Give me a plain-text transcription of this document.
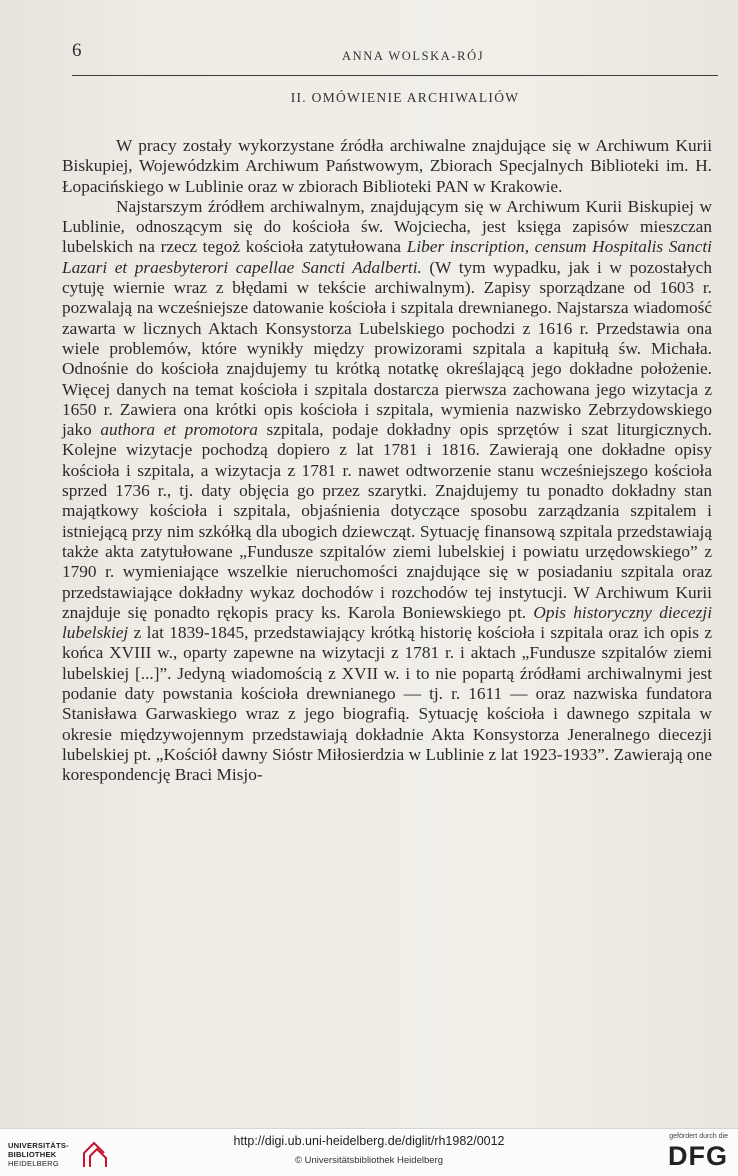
6	ANNA WOLSKA-RÓJ
II. OMÓWIENIE ARCHIWALIÓW

W pracy zostały wykorzystane źródła archiwalne znajdujące się w Archiwum Kurii Biskupiej, Wojewódzkim Archiwum Państwowym, Zbiorach Specjalnych Biblioteki im. H. Łopacińskiego w Lublinie oraz w zbiorach Biblioteki PAN w Krakowie.

Najstarszym źródłem archiwalnym, znajdującym się w Archiwum Kurii Biskupiej w Lublinie, odnoszącym się do kościoła św. Wojciecha, jest księga zapisów mieszczan lubelskich na rzecz tegoż kościoła zatytułowana Liber inscription, censum Hospitalis Sancti Lazari et praesbyterori capellae Sancti Adalberti. (W tym wypadku, jak i w pozostałych cytuję wiernie wraz z błędami w tekście archiwalnym). Zapisy sporządzane od 1603 r. pozwalają na wcześniejsze datowanie kościoła i szpitala drewnianego. Najstarsza wiadomość zawarta w licznych Aktach Konsystorza Lubelskiego pochodzi z 1616 r. Przedstawia ona wiele problemów, które wynikły między prowizorami szpitala a kapitułą św. Michała. Odnośnie do kościoła znajdujemy tu krótką notatkę określającą jego dokładne położenie. Więcej danych na temat kościoła i szpitala dostarcza pierwsza zachowana jego wizytacja z 1650 r. Zawiera ona krótki opis kościoła i szpitala, wymienia nazwisko Zebrzydowskiego jako authora et promotora szpitala, podaje dokładny opis sprzętów i szat liturgicznych. Kolejne wizytacje pochodzą dopiero z lat 1781 i 1816. Zawierają one dokładne opisy kościoła i szpitala, a wizytacja z 1781 r. nawet odtworzenie stanu wcześniejszego kościoła sprzed 1736 r., tj. daty objęcia go przez szarytki. Znajdujemy tu ponadto dokładny stan majątkowy kościoła i szpitala, objaśnienia dotyczące sposobu zarządzania szpitalem i istniejącą przy nim szkółką dla ubogich dziewcząt. Sytuację finansową szpitala przedstawiają także akta zatytułowane „Fundusze szpitalów ziemi lubelskiej i powiatu urzędowskiego” z 1790 r. wymieniające wszelkie nieruchomości znajdujące się w posiadaniu szpitala oraz przedstawiające dokładny wykaz dochodów i rozchodów tej instytucji. W Archiwum Kurii znajduje się ponadto rękopis pracy ks. Karola Boniewskiego pt. Opis historyczny diecezji lubelskiej z lat 1839-1845, przedstawiający krótką historię kościoła i szpitala oraz ich opis z końca XVIII w., oparty zapewne na wizytacji z 1781 r. i aktach „Fundusze szpitalów ziemi lubelskiej [...]”. Jedyną wiadomością z XVII w. i to nie popartą źródłami archiwalnymi jest podanie daty powstania kościoła drewnianego — tj. r. 1611 — oraz nazwiska fundatora Stanisława Garwaskiego wraz z jego biografią. Sytuację kościoła i dawnego szpitala w okresie międzywojennym przedstawiają dokładnie Akta Konsystorza Jeneralnego diecezji lubelskiej pt. „Kościół dawny Sióstr Miłosierdzia w Lublinie z lat 1923-1933”. Zawierają one korespondencję Braci Misjo-

UNIVERSITÄTS-
BIBLIOTHEK
HEIDELBERG
http://digi.ub.uni-heidelberg.de/diglit/rh1982/0012
© Universitätsbibliothek Heidelberg
gefördert durch die
DFG
